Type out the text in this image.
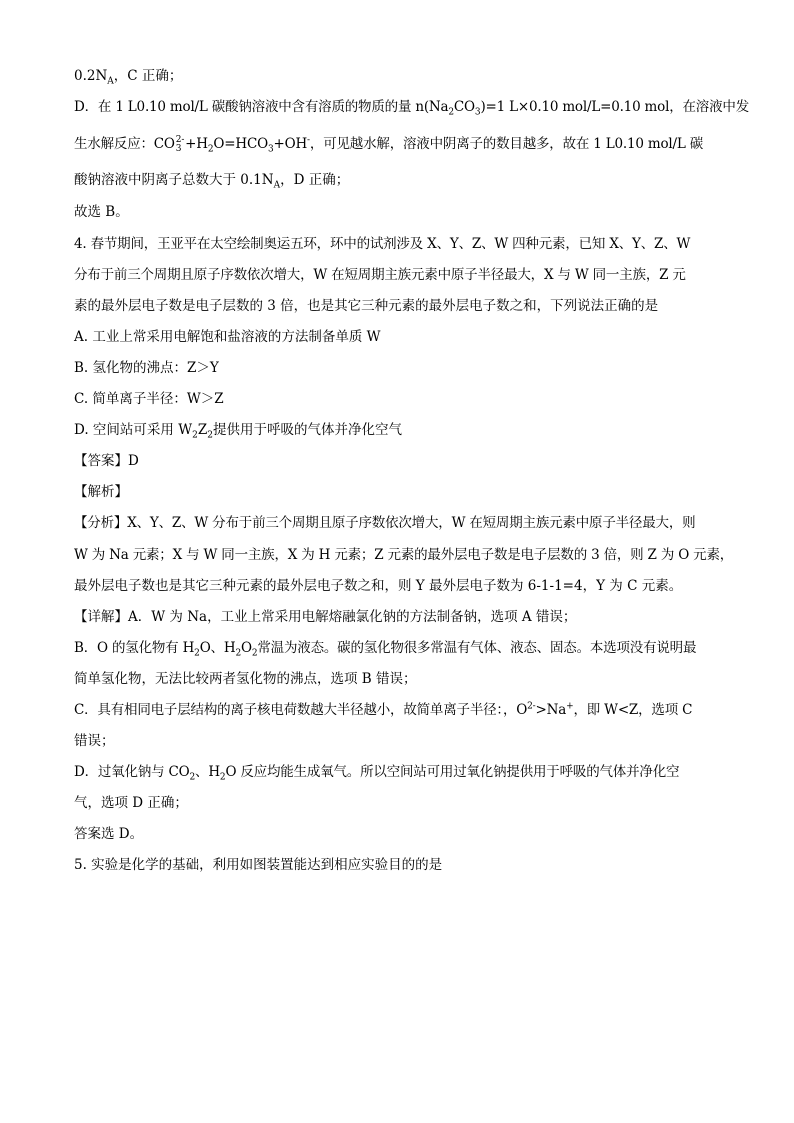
$0.2N_A$，C 正确；
D．在 1 L0.10 mol/L 碳酸钠溶液中含有溶质的物质的量 $n(Na_2CO_3)=1$ L×0.10 mol/L=0.10 mol，在溶液中发
生水解反应：CO 2-
$3 +H_2O=HCO_3+OH^-$，可见越水解，溶液中阴离子的数目越多，故在 1 L0.10 mol/L 碳
酸钠溶液中阴离子总数大于 $0.1N_A$，D 正确；
故选 B。
4. 春节期间，王亚平在太空绘制奥运五环，环中的试剂涉及 X、Y、Z、W 四种元素，已知 X、Y、Z、W
分布于前三个周期且原子序数依次增大，W 在短周期主族元素中原子半径最大，X 与 W 同一主族，Z 元
素的最外层电子数是电子层数的 3 倍，也是其它三种元素的最外层电子数之和，下列说法正确的是
A. 工业上常采用电解饱和盐溶液的方法制备单质 W
B. 氢化物的沸点：Z＞Y
C. 简单离子半径：W＞Z
D. 空间站可采用 $W_2Z_2$提供用于呼吸的气体并净化空气
【答案】D
【解析】
【分析】X、Y、Z、W 分布于前三个周期且原子序数依次增大，W 在短周期主族元素中原子半径最大，则
W 为 Na 元素；X 与 W 同一主族，X 为 H 元素；Z 元素的最外层电子数是电子层数的 3 倍，则 Z 为 O 元素，
最外层电子数也是其它三种元素的最外层电子数之和，则 Y 最外层电子数为 6-1-1=4，Y 为 C 元素。
【详解】A．W 为 Na，工业上常采用电解熔融氯化钠的方法制备钠，选项 A 错误；
B．O 的氢化物有 $H_2O$、$H_2O_2$常温为液态。碳的氢化物很多常温有气体、液态、固态。本选项没有说明最
简单氢化物，无法比较两者氢化物的沸点，选项 B 错误；
C．具有相同电子层结构的离子核电荷数越大半径越小，故简单离子半径：，$O^{2-}>Na^+$，即 W<Z，选项 C
错误；
D．过氧化钠与 $CO_2$、$H_2O$ 反应均能生成氧气。所以空间站可用过氧化钠提供用于呼吸的气体并净化空
气，选项 D 正确；
答案选 D。
5. 实验是化学的基础，利用如图装置能达到相应实验目的的是
